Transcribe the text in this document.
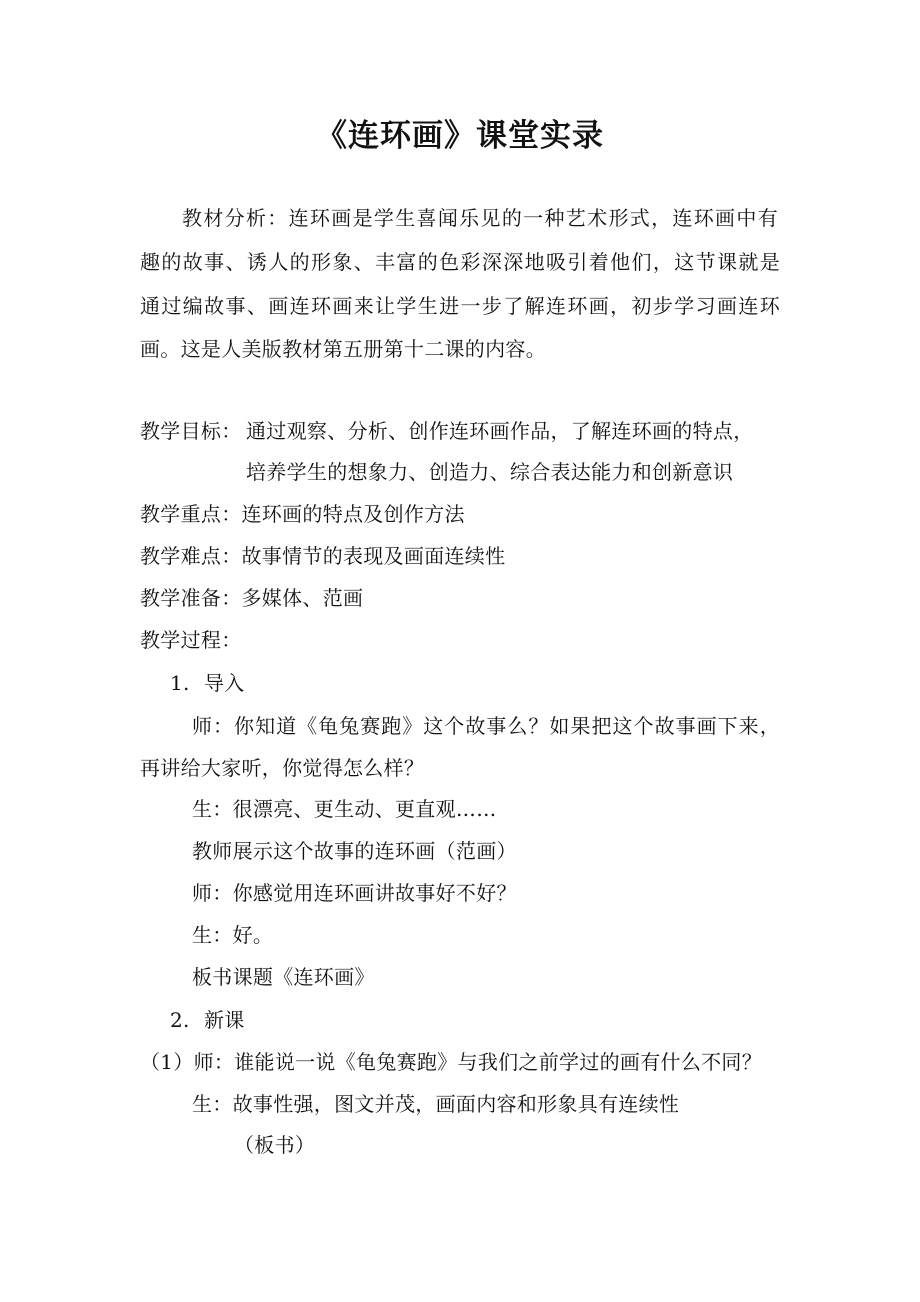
《连环画》课堂实录
教材分析：连环画是学生喜闻乐见的一种艺术形式，连环画中有
趣的故事、诱人的形象、丰富的色彩深深地吸引着他们，这节课就是
通过编故事、画连环画来让学生进一步了解连环画，初步学习画连环
画。这是人美版教材第五册第十二课的内容。
教学目标： 通过观察、分析、创作连环画作品，了解连环画的特点，
培养学生的想象力、创造力、综合表达能力和创新意识
教学重点：连环画的特点及创作方法
教学难点：故事情节的表现及画面连续性
教学准备：多媒体、范画
教学过程：
1. 导入
师：你知道《龟兔赛跑》这个故事么？如果把这个故事画下来，
再讲给大家听，你觉得怎么样？
生：很漂亮、更生动、更直观……
教师展示这个故事的连环画（范画）
师：你感觉用连环画讲故事好不好？
生：好。
板书课题《连环画》
2. 新课
（1）师：谁能说一说《龟兔赛跑》与我们之前学过的画有什么不同？
生：故事性强，图文并茂，画面内容和形象具有连续性
（板书）
